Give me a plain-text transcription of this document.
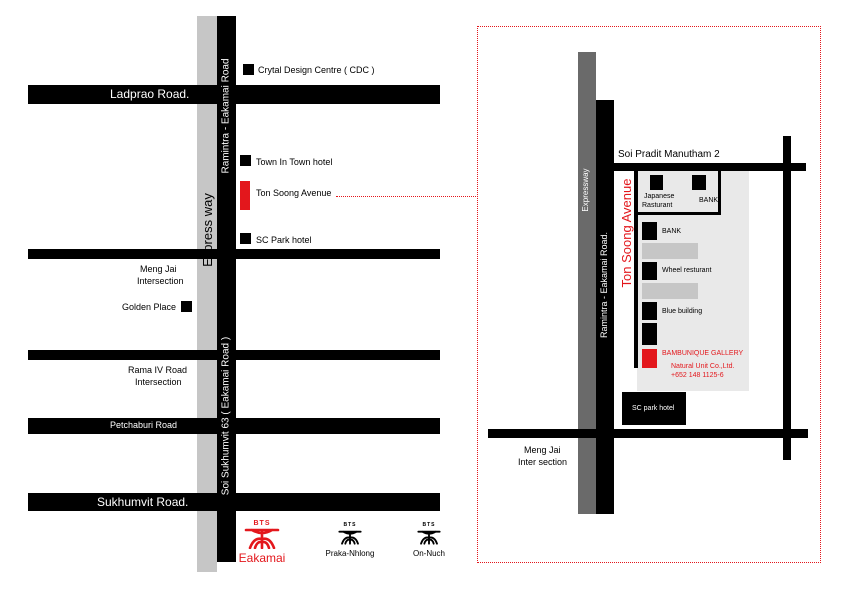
Ladprao Road.
Petchaburi Road
Sukhumvit Road.
Ramintra - Eakamai Road
Express way
Soi Sukhumvit 63 ( Eakamai Road )
Crytal Design Centre ( CDC )
Town In Town hotel
Ton Soong Avenue
SC Park hotel
Golden Place
Meng Jai
Intersection
Rama IV Road
Intersection
BTS
Eakamai
BTS
Praka-Nhlong
BTS
On-Nuch
Soi Pradit Manutham 2
Expressway
Ramintra - Eakamai Road. Ton Soong Avenue Japanese
Rasturant
BANK
BANK
Wheel resturant
Blue building
BAMBUNIQUE GALLERY
Natural Unit Co.,Ltd.
+652 148 1125-6
SC park hotel
Meng Jai
Inter section
